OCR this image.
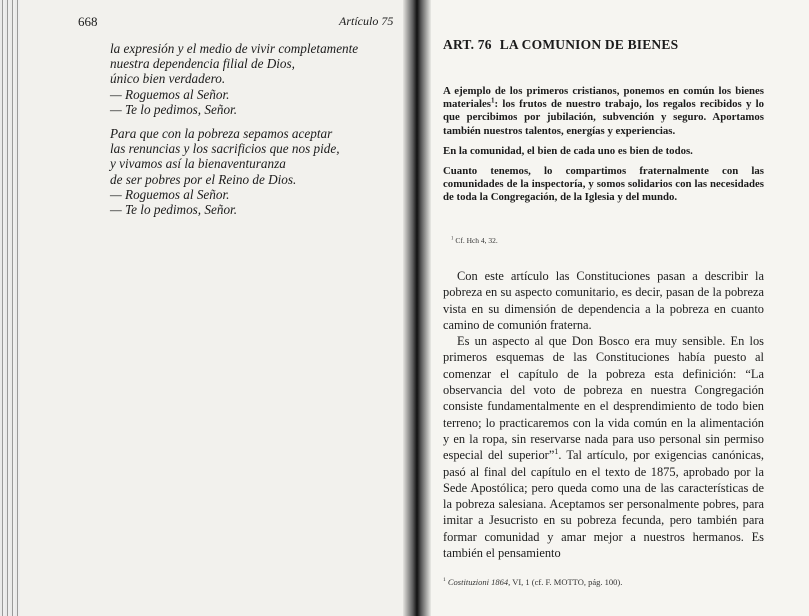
668	Artículo 75
la expresión y el medio de vivir completamente
nuestra dependencia filial de Dios,
único bien verdadero.
— Roguemos al Señor.
— Te lo pedimos, Señor.
Para que con la pobreza sepamos aceptar
las renuncias y los sacrificios que nos pide,
y vivamos así la bienaventuranza
de ser pobres por el Reino de Dios.
— Roguemos al Señor.
— Te lo pedimos, Señor.
ART. 76 LA COMUNION DE BIENES

A ejemplo de los primeros cristianos, ponemos en común los bienes materiales$^1$: los frutos de nuestro trabajo, los regalos recibidos y lo que percibimos por jubilación, subvención y seguro. Aportamos también nuestros talentos, energías y experiencias.

En la comunidad, el bien de cada uno es bien de todos.

Cuanto tenemos, lo compartimos fraternalmente con las comunidades de la inspectoría, y somos solidarios con las necesidades de toda la Congregación, de la Iglesia y del mundo.

$^1$ Cf. Hch 4, 32.

Con este artículo las Constituciones pasan a describir la pobreza en su aspecto comunitario, es decir, pasan de la pobreza vista en su dimensión de dependencia a la pobreza en cuanto camino de comunión fraterna.

Es un aspecto al que Don Bosco era muy sensible. En los primeros esquemas de las Constituciones había puesto al comenzar el capítulo de la pobreza esta definición: “La observancia del voto de pobreza en nuestra Congregación consiste fundamentalmente en el desprendimiento de todo bien terreno; lo practicaremos con la vida común en la alimentación y en la ropa, sin reservarse nada para uso personal sin permiso especial del superior”$^1$. Tal artículo, por exigencias canónicas, pasó al final del capítulo en el texto de 1875, aprobado por la Sede Apostólica; pero queda como una de las características de la pobreza salesiana. Aceptamos ser personalmente pobres, para imitar a Jesucristo en su pobreza fecunda, pero también para formar comunidad y amar mejor a nuestros hermanos. Es también el pensamiento

$^1$ Costituzioni 1864, VI, 1 (cf. F. MOTTO, pág. 100).
